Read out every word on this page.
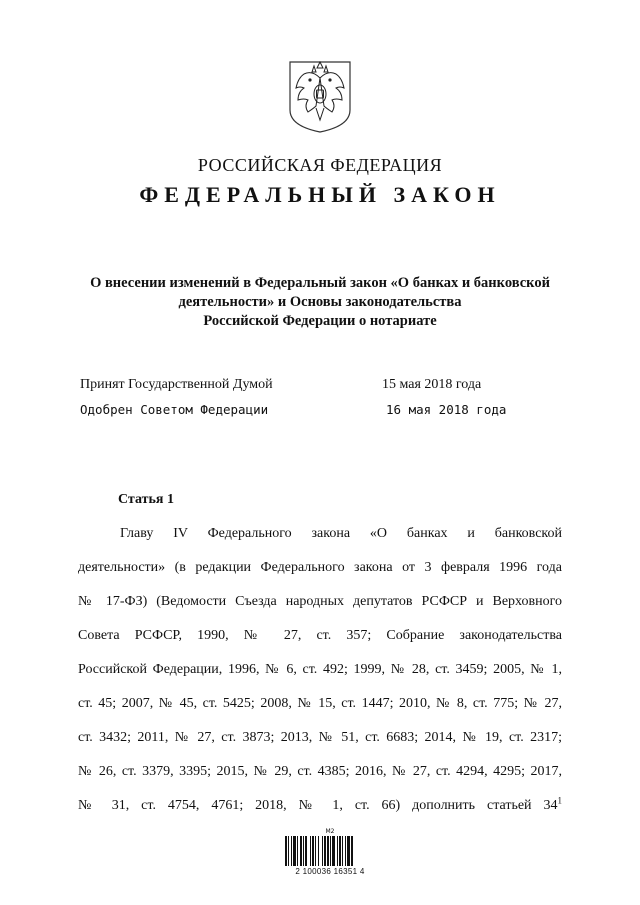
РОССИЙСКАЯ ФЕДЕРАЦИЯ
ФЕДЕРАЛЬНЫЙ ЗАКОН
О внесении изменений в Федеральный закон «О банках и банковской
деятельности» и Основы законодательства
Российской Федерации о нотариате
Принят Государственной Думой	15 мая 2018 года
Одобрен Советом Федерации	16 мая 2018 года
Статья 1
Главу IV Федерального закона «О банках и банковской
деятельности» (в редакции Федерального закона от 3 февраля 1996 года
№ 17-ФЗ) (Ведомости Съезда народных депутатов РСФСР и Верховного
Совета РСФСР, 1990, № 27, ст. 357; Собрание законодательства
Российской Федерации, 1996, № 6, ст. 492; 1999, № 28, ст. 3459; 2005, № 1,
ст. 45; 2007, № 45, ст. 5425; 2008, № 15, ст. 1447; 2010, № 8, ст. 775; № 27,
ст. 3432; 2011, № 27, ст. 3873; 2013, № 51, ст. 6683; 2014, № 19, ст. 2317;
№ 26, ст. 3379, 3395; 2015, № 29, ст. 4385; 2016, № 27, ст. 4294, 4295; 2017,
№ 31, ст. 4754, 4761; 2018, № 1, ст. 66) дополнить статьей $34^1$
M2
2 100036 16351 4
